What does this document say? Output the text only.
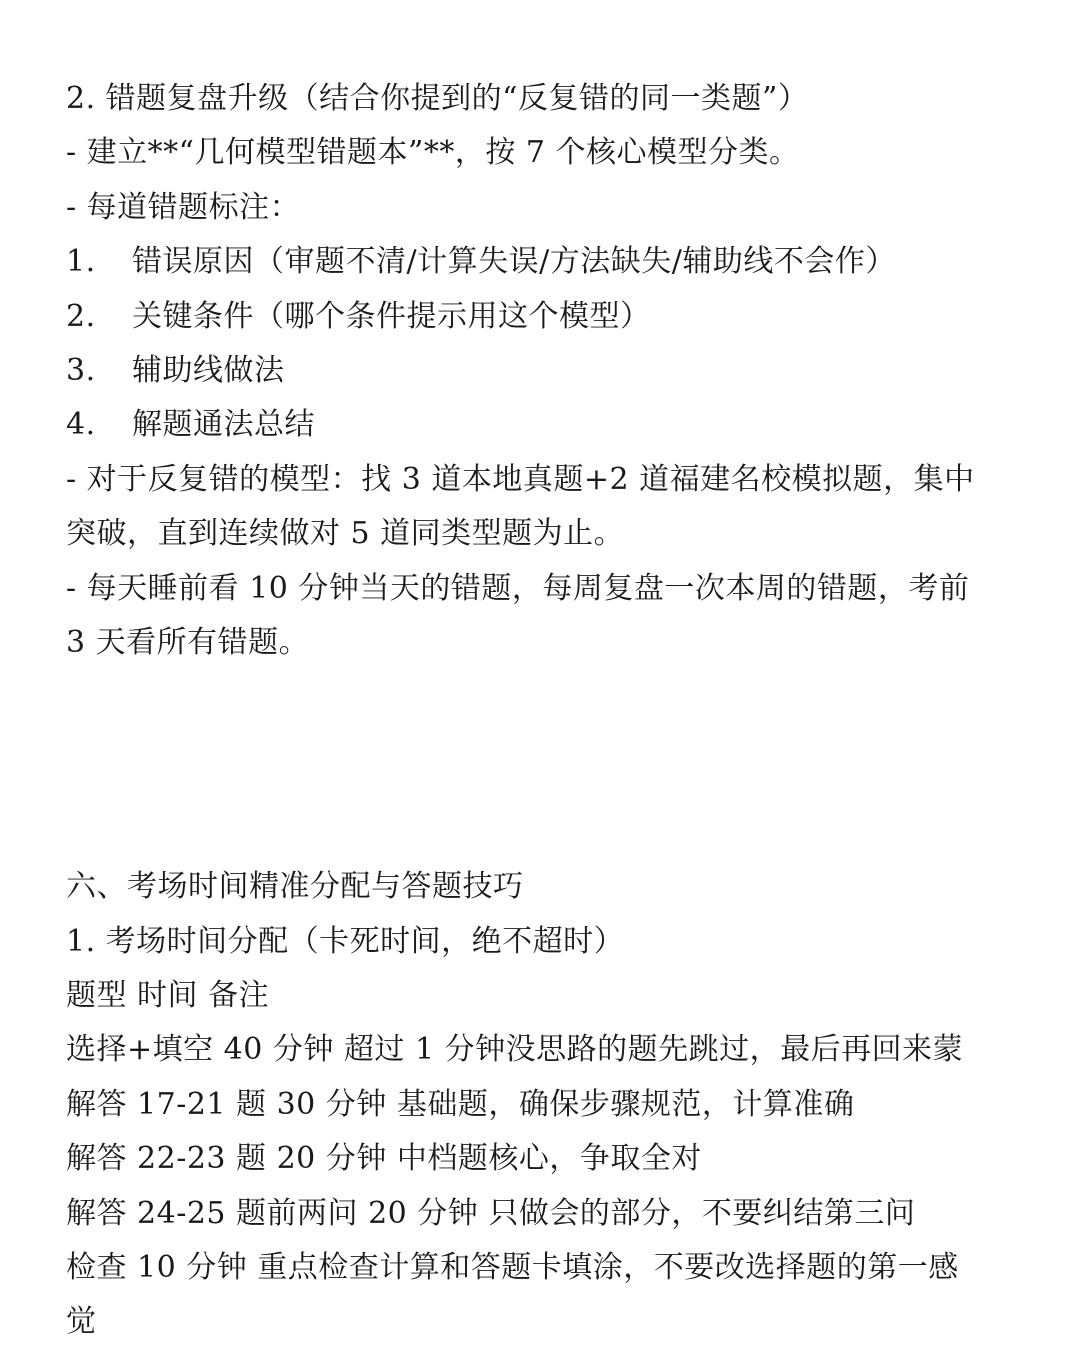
2. 错题复盘升级（结合你提到的“反复错的同一类题”）
- 建立**“几何模型错题本”**，按 7 个核心模型分类。
- 每道错题标注：
1. 错误原因（审题不清/计算失误/方法缺失/辅助线不会作）
2. 关键条件（哪个条件提示用这个模型）
3. 辅助线做法
4. 解题通法总结
- 对于反复错的模型：找 3 道本地真题+2 道福建名校模拟题，集中
突破，直到连续做对 5 道同类型题为止。
- 每天睡前看 10 分钟当天的错题，每周复盘一次本周的错题，考前
3 天看所有错题。
六、考场时间精准分配与答题技巧
1. 考场时间分配（卡死时间，绝不超时）
题型 时间 备注
选择+填空 40 分钟 超过 1 分钟没思路的题先跳过，最后再回来蒙
解答 17-21 题 30 分钟 基础题，确保步骤规范，计算准确
解答 22-23 题 20 分钟 中档题核心，争取全对
解答 24-25 题前两问 20 分钟 只做会的部分，不要纠结第三问
检查 10 分钟 重点检查计算和答题卡填涂，不要改选择题的第一感
觉
